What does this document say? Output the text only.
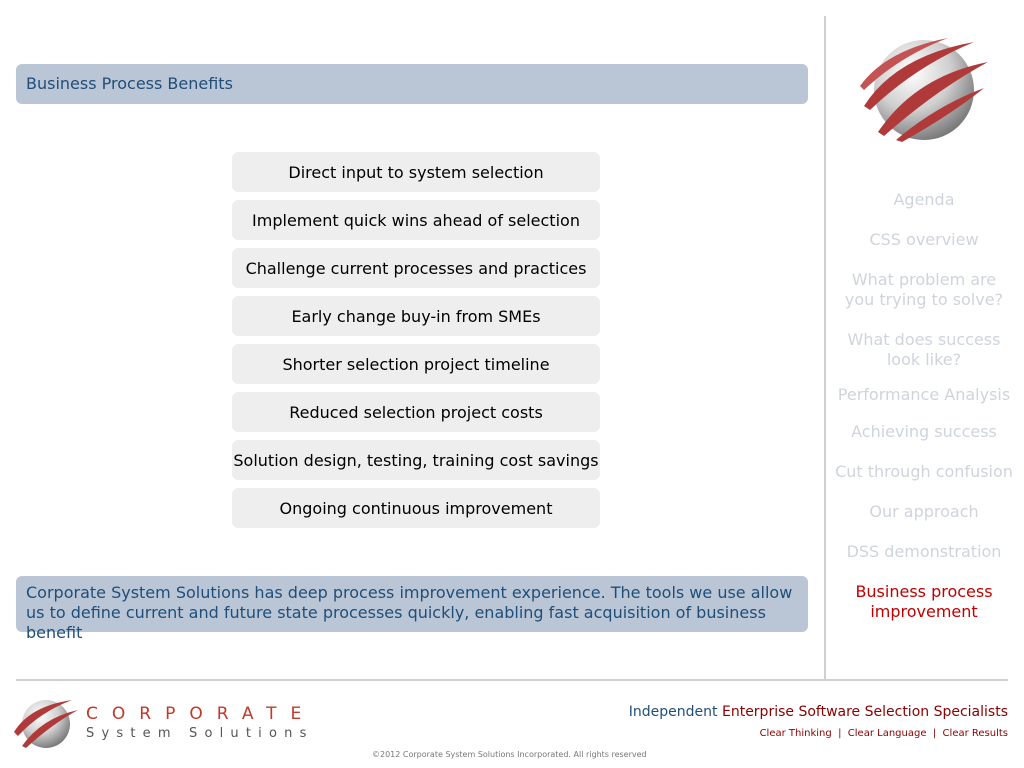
Business Process Benefits
Direct input to system selection
Implement quick wins ahead of selection
Challenge current processes and practices
Early change buy-in from SMEs
Shorter selection project timeline
Reduced selection project costs
Solution design, testing, training cost savings
Ongoing continuous improvement
Corporate System Solutions has deep process improvement experience. The tools we use allow us to define current and future state processes quickly, enabling fast acquisition of business benefit
Agenda
CSS overview
What problem are you trying to solve?
What does success look like?
Performance Analysis
Achieving success
Cut through confusion
Our approach
DSS demonstration
Business process improvement
CORPORATE
System Solutions
Independent Enterprise Software Selection Specialists
Clear Thinking  |  Clear Language  |  Clear Results
©2012 Corporate System Solutions Incorporated. All rights reserved
